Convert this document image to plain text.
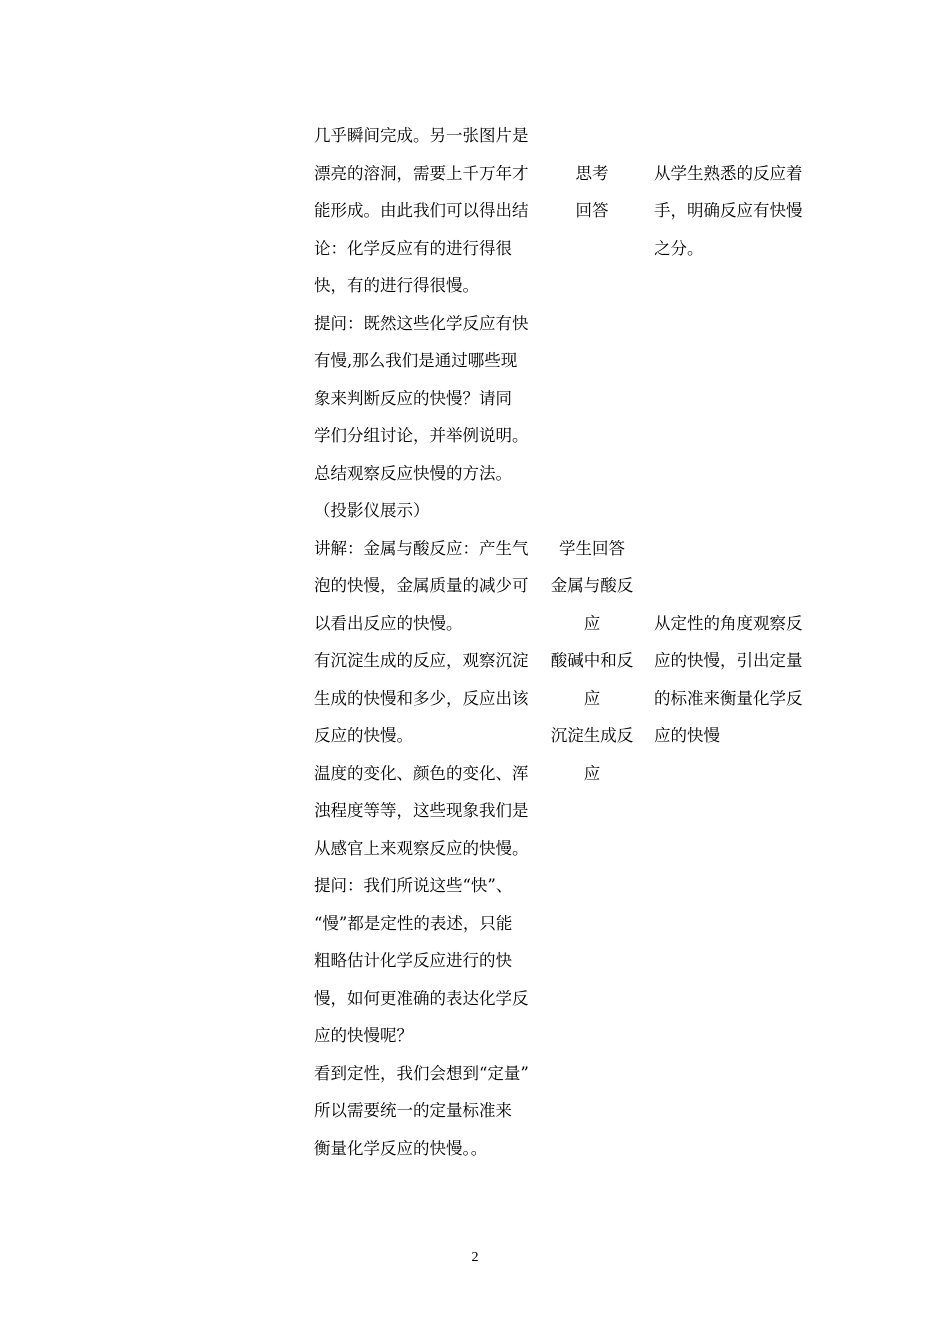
几乎瞬间完成。另一张图片是
漂亮的溶洞，需要上千万年才
能形成。由此我们可以得出结
论：化学反应有的进行得很
快，有的进行得很慢。
提问：既然这些化学反应有快
有慢,那么我们是通过哪些现
象来判断反应的快慢？请同
学们分组讨论，并举例说明。
总结观察反应快慢的方法。
（投影仪展示）
讲解：金属与酸反应：产生气
泡的快慢，金属质量的减少可
以看出反应的快慢。
有沉淀生成的反应，观察沉淀
生成的快慢和多少，反应出该
反应的快慢。
温度的变化、颜色的变化、浑
浊程度等等，这些现象我们是
从感官上来观察反应的快慢。
提问：我们所说这些“快”、
“慢”都是定性的表述，只能
粗略估计化学反应进行的快
慢，如何更准确的表达化学反
应的快慢呢？
看到定性，我们会想到“定量”
所以需要统一的定量标准来
衡量化学反应的快慢。。
思考
回答
学生回答
金属与酸反
应
酸碱中和反
应
沉淀生成反
应
从学生熟悉的反应着
手，明确反应有快慢
之分。
从定性的角度观察反
应的快慢，引出定量
的标准来衡量化学反
应的快慢
2
